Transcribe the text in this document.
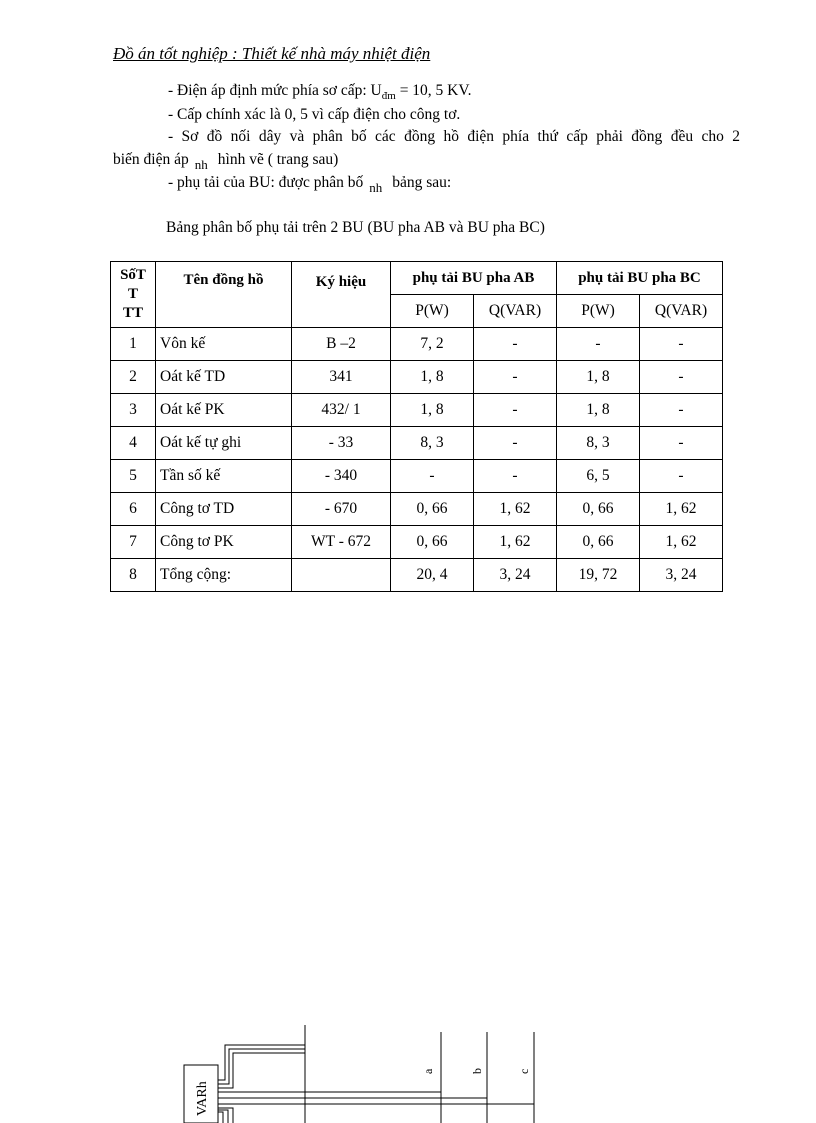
Đồ án tốt nghiệp : Thiết kế nhà máy nhiệt điện
- Điện áp định mức phía sơ cấp: $U_{đm} = 10$, 5 KV.
- Cấp chính xác là 0, 5 vì cấp điện cho công tơ.
- Sơ đồ nối dây và phân bố các đồng hồ điện phía thứ cấp phải đồng đều cho 2
biến điện áp $_{nh}$ hình vẽ ( trang sau)
- phụ tải của BU: được phân bố $_{nh}$ bảng sau:
Bảng phân bố phụ tải trên 2 BU (BU pha AB và BU pha BC)
SốT
T
TT	Tên đồng hồ	Ký hiệu	phụ tải BU pha AB		phụ tải BU pha BC	
			P(W)	Q(VAR)	P(W)	Q(VAR)
1	Vôn kế	B –2	7, 2	-	-	-
2	Oát kế TD	341	1, 8	-	1, 8	-
3	Oát kế PK	432/ 1	1, 8	-	1, 8	-
4	Oát kế tự ghi	- 33	8, 3	-	8, 3	-
5	Tần số kế	- 340	-	-	6, 5	-
6	Công tơ TD	- 670	0, 66	1, 62	0, 66	1, 62
7	Công tơ PK	WT - 672	0, 66	1, 62	0, 66	1, 62
8	Tổng cộng:		20, 4	3, 24	19, 72	3, 24
VARh
a	b	c
